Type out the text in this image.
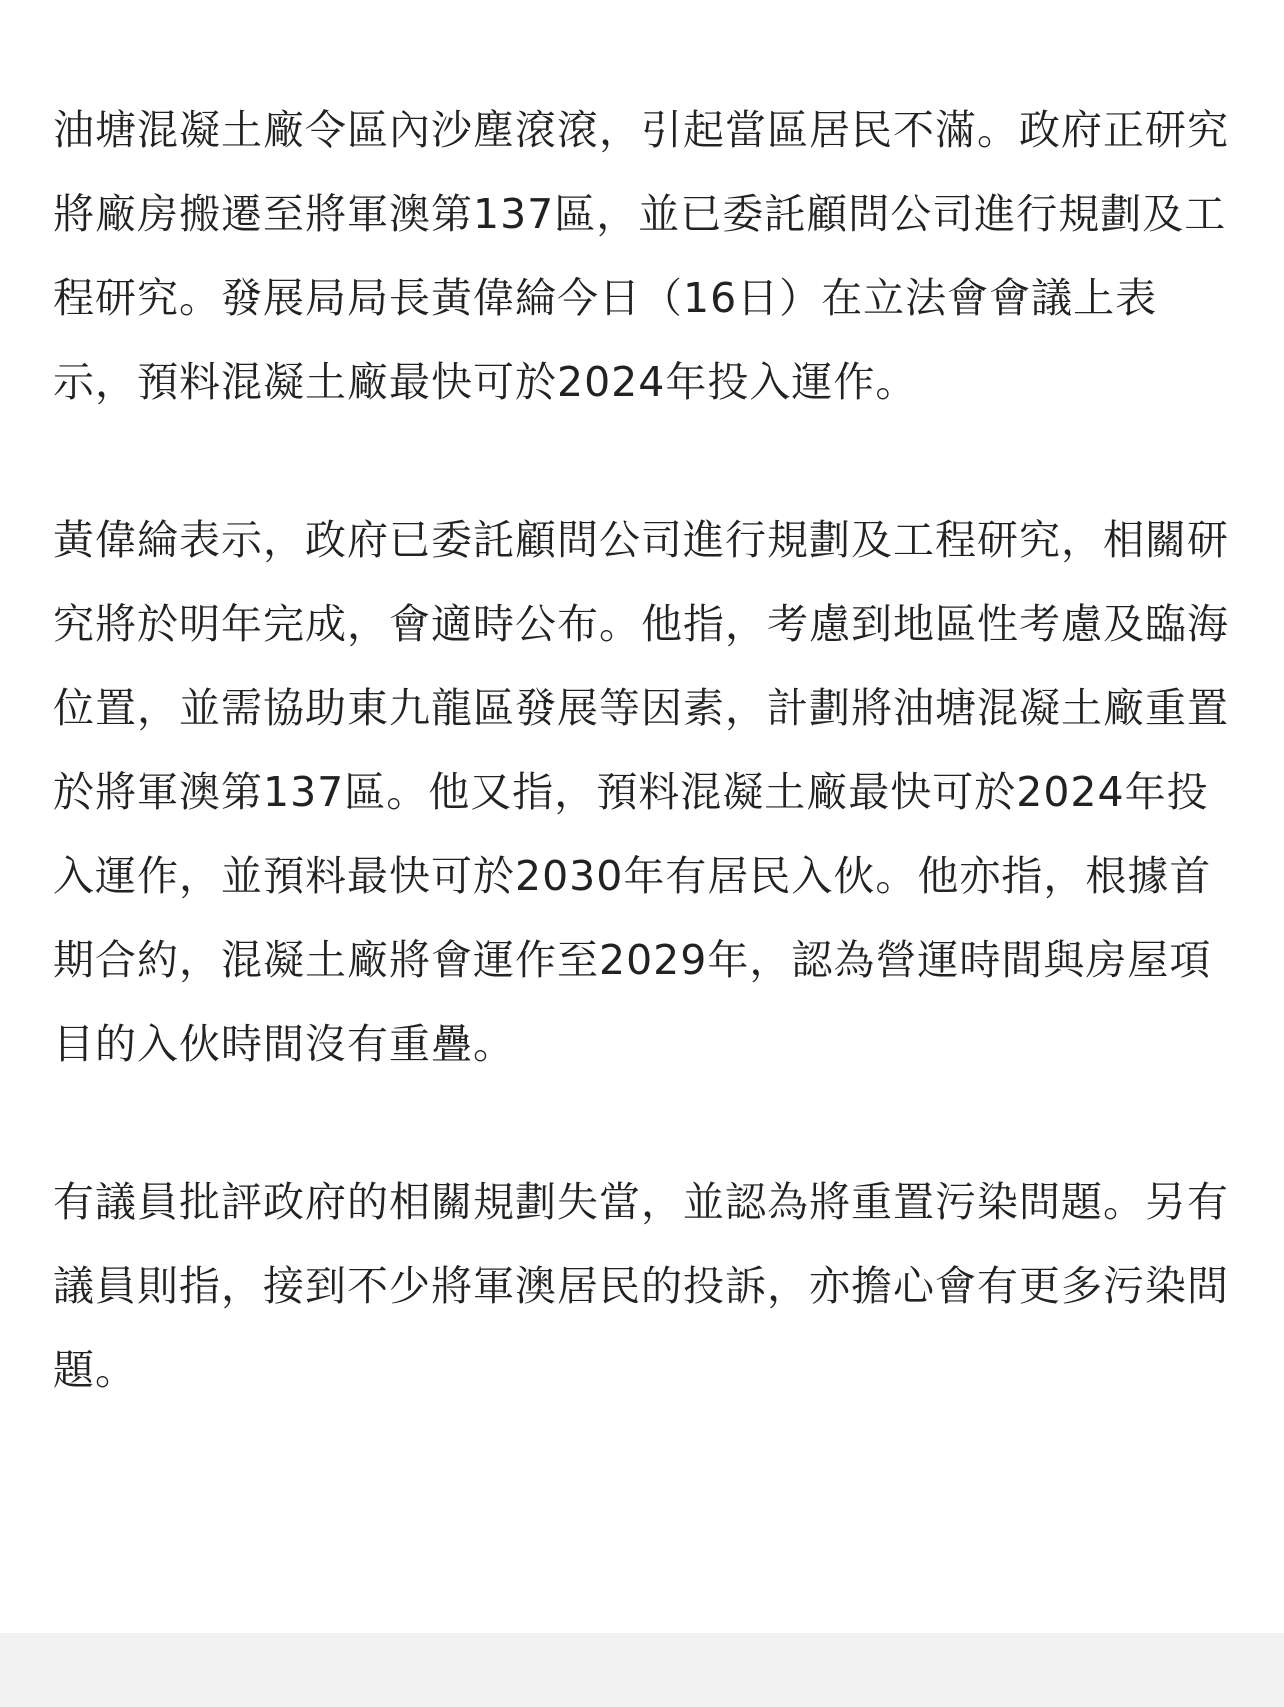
油塘混凝土廠令區內沙塵滾滾，引起當區居民不滿。政府正研究將廠房搬遷至將軍澳第137區，並已委託顧問公司進行規劃及工程研究。發展局局長黃偉綸今日（16日）在立法會會議上表示，預料混凝土廠最快可於2024年投入運作。

黃偉綸表示，政府已委託顧問公司進行規劃及工程研究，相關研究將於明年完成，會適時公布。他指，考慮到地區性考慮及臨海位置，並需協助東九龍區發展等因素，計劃將油塘混凝土廠重置於將軍澳第137區。他又指，預料混凝土廠最快可於2024年投入運作，並預料最快可於2030年有居民入伙。他亦指，根據首期合約，混凝土廠將會運作至2029年，認為營運時間與房屋項目的入伙時間沒有重疊。

有議員批評政府的相關規劃失當，並認為將重置污染問題。另有議員則指，接到不少將軍澳居民的投訴，亦擔心會有更多污染問題。
